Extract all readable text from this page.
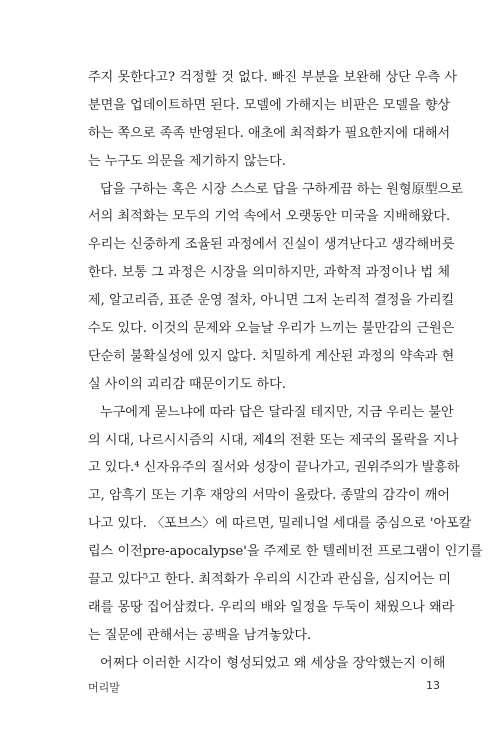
주지 못한다고? 걱정할 것 없다. 빠진 부분을 보완해 상단 우측 사
분면을 업데이트하면 된다. 모델에 가해지는 비판은 모델을 향상
하는 쪽으로 족족 반영된다. 애초에 최적화가 필요한지에 대해서
는 누구도 의문을 제기하지 않는다.
답을 구하는 혹은 시장 스스로 답을 구하게끔 하는 원형原型으로
서의 최적화는 모두의 기억 속에서 오랫동안 미국을 지배해왔다.
우리는 신중하게 조율된 과정에서 진실이 생겨난다고 생각해버릇
한다. 보통 그 과정은 시장을 의미하지만, 과학적 과정이나 법 체
제, 알고리즘, 표준 운영 절차, 아니면 그저 논리적 결정을 가리킬
수도 있다. 이것의 문제와 오늘날 우리가 느끼는 불만감의 근원은
단순히 불확실성에 있지 않다. 치밀하게 계산된 과정의 약속과 현
실 사이의 괴리감 때문이기도 하다.
누구에게 묻느냐에 따라 답은 달라질 테지만, 지금 우리는 불안
의 시대, 나르시시즘의 시대, 제4의 전환 또는 제국의 몰락을 지나
고 있다.⁴ 신자유주의 질서와 성장이 끝나가고, 권위주의가 발흥하
고, 암흑기 또는 기후 재앙의 서막이 올랐다. 종말의 감각이 깨어
나고 있다. 〈포브스〉에 따르면, 밀레니얼 세대를 중심으로 '아포칼
립스 이전pre-apocalypse'을 주제로 한 텔레비전 프로그램이 인기를
끌고 있다⁵고 한다. 최적화가 우리의 시간과 관심을, 심지어는 미
래를 몽땅 집어삼켰다. 우리의 배와 일정을 두둑이 채웠으나 왜라
는 질문에 관해서는 공백을 남겨놓았다.
어쩌다 이러한 시각이 형성되었고 왜 세상을 장악했는지 이해
머리말	13
